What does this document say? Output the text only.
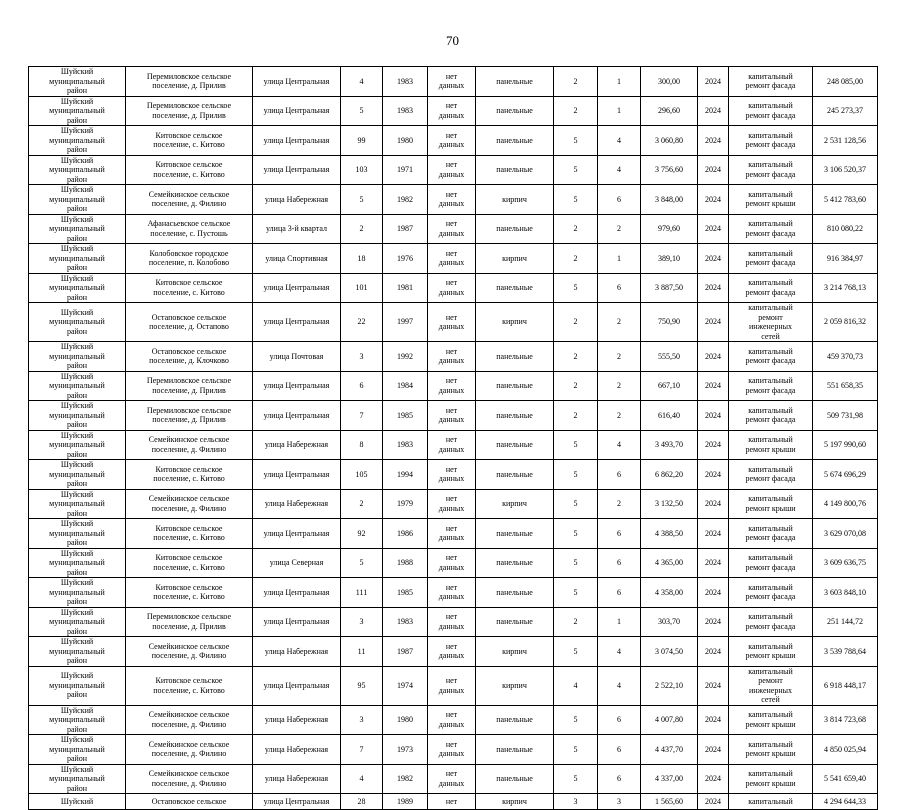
70
Шуйский муниципальный район	Перемиловское сельское поселение, д. Прилив	улица Центральная	4	1983	нет данных	панельные	2	1	300,00	2024	капитальный ремонт фасада	248 085,00
Шуйский муниципальный район	Перемиловское сельское поселение, д. Прилив	улица Центральная	5	1983	нет данных	панельные	2	1	296,60	2024	капитальный ремонт фасада	245 273,37
Шуйский муниципальный район	Китовское сельское поселение, с. Китово	улица Центральная	99	1980	нет данных	панельные	5	4	3 060,80	2024	капитальный ремонт фасада	2 531 128,56
Шуйский муниципальный район	Китовское сельское поселение, с. Китово	улица Центральная	103	1971	нет данных	панельные	5	4	3 756,60	2024	капитальный ремонт фасада	3 106 520,37
Шуйский муниципальный район	Семейкинское сельское поселение, д. Филино	улица Набережная	5	1982	нет данных	кирпич	5	6	3 848,00	2024	капитальный ремонт крыши	5 412 783,60
Шуйский муниципальный район	Афанасьевское сельское поселение, с. Пустошь	улица 3-й квартал	2	1987	нет данных	панельные	2	2	979,60	2024	капитальный ремонт фасада	810 080,22
Шуйский муниципальный район	Колобовское городское поселение, п. Колобово	улица Спортивная	18	1976	нет данных	кирпич	2	1	389,10	2024	капитальный ремонт фасада	916 384,97
Шуйский муниципальный район	Китовское сельское поселение, с. Китово	улица Центральная	101	1981	нет данных	панельные	5	6	3 887,50	2024	капитальный ремонт фасада	3 214 768,13
Шуйский муниципальный район	Остаповское сельское поселение, д. Остапово	улица Центральная	22	1997	нет данных	кирпич	2	2	750,90	2024	капитальный ремонт инженерных сетей	2 059 816,32
Шуйский муниципальный район	Остаповское сельское поселение, д. Клочково	улица Почтовая	3	1992	нет данных	панельные	2	2	555,50	2024	капитальный ремонт фасада	459 370,73
Шуйский муниципальный район	Перемиловское сельское поселение, д. Прилив	улица Центральная	6	1984	нет данных	панельные	2	2	667,10	2024	капитальный ремонт фасада	551 658,35
Шуйский муниципальный район	Перемиловское сельское поселение, д. Прилив	улица Центральная	7	1985	нет данных	панельные	2	2	616,40	2024	капитальный ремонт фасада	509 731,98
Шуйский муниципальный район	Семейкинское сельское поселение, д. Филино	улица Набережная	8	1983	нет данных	панельные	5	4	3 493,70	2024	капитальный ремонт крыши	5 197 990,60
Шуйский муниципальный район	Китовское сельское поселение, с. Китово	улица Центральная	105	1994	нет данных	панельные	5	6	6 862,20	2024	капитальный ремонт фасада	5 674 696,29
Шуйский муниципальный район	Семейкинское сельское поселение, д. Филино	улица Набережная	2	1979	нет данных	кирпич	5	2	3 132,50	2024	капитальный ремонт крыши	4 149 800,76
Шуйский муниципальный район	Китовское сельское поселение, с. Китово	улица Центральная	92	1986	нет данных	панельные	5	6	4 388,50	2024	капитальный ремонт фасада	3 629 070,08
Шуйский муниципальный район	Китовское сельское поселение, с. Китово	улица Северная	5	1988	нет данных	панельные	5	6	4 365,00	2024	капитальный ремонт фасада	3 609 636,75
Шуйский муниципальный район	Китовское сельское поселение, с. Китово	улица Центральная	111	1985	нет данных	панельные	5	6	4 358,00	2024	капитальный ремонт фасада	3 603 848,10
Шуйский муниципальный район	Перемиловское сельское поселение, д. Прилив	улица Центральная	3	1983	нет данных	панельные	2	1	303,70	2024	капитальный ремонт фасада	251 144,72
Шуйский муниципальный район	Семейкинское сельское поселение, д. Филино	улица Набережная	11	1987	нет данных	кирпич	5	4	3 074,50	2024	капитальный ремонт крыши	3 539 788,64
Шуйский муниципальный район	Китовское сельское поселение, с. Китово	улица Центральная	95	1974	нет данных	кирпич	4	4	2 522,10	2024	капитальный ремонт инженерных сетей	6 918 448,17
Шуйский муниципальный район	Семейкинское сельское поселение, д. Филино	улица Набережная	3	1980	нет данных	панельные	5	6	4 007,80	2024	капитальный ремонт крыши	3 814 723,68
Шуйский муниципальный район	Семейкинское сельское поселение, д. Филино	улица Набережная	7	1973	нет данных	панельные	5	6	4 437,70	2024	капитальный ремонт крыши	4 850 025,94
Шуйский муниципальный район	Семейкинское сельское поселение, д. Филино	улица Набережная	4	1982	нет данных	панельные	5	6	4 337,00	2024	капитальный ремонт крыши	5 541 659,40
Шуйский	Остаповское сельское	улица Центральная	28	1989	нет	кирпич	3	3	1 565,60	2024	капитальный	4 294 644,33
